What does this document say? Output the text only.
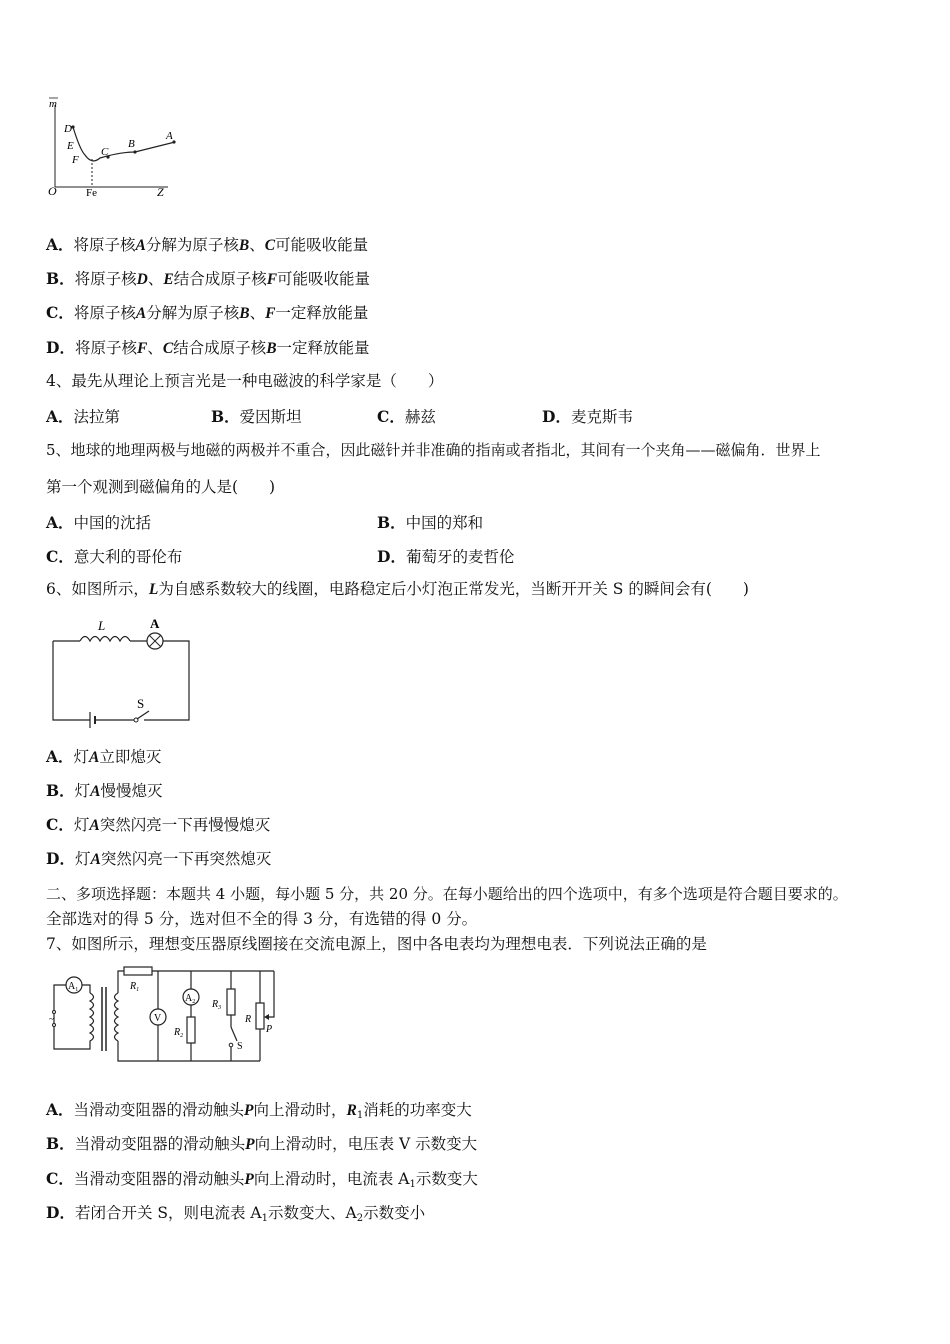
m
O	Z
Fe
D
E
F
C
B
A
A．将原子核A分解为原子核B、C可能吸收能量
B．将原子核D、E结合成原子核F可能吸收能量
C．将原子核A分解为原子核B、F一定释放能量
D．将原子核F、C结合成原子核B一定释放能量
4、最先从理论上预言光是一种电磁波的科学家是（　　）
A．法拉第	B．爱因斯坦	C．赫兹	D．麦克斯韦
5、地球的地理两极与地磁的两极并不重合，因此磁针并非准确的指南或者指北，其间有一个夹角——磁偏角．世界上
第一个观测到磁偏角的人是(　　)
A．中国的沈括	B．中国的郑和
C．意大利的哥伦布	D．葡萄牙的麦哲伦
6、如图所示，L为自感系数较大的线圈，电路稳定后小灯泡正常发光，当断开开关 S 的瞬间会有(　　)
L	A
S
A．灯A立即熄灭
B．灯A慢慢熄灭
C．灯A突然闪亮一下再慢慢熄灭
D．灯A突然闪亮一下再突然熄灭
二、多项选择题：本题共 4 小题，每小题 5 分，共 20 分。在每小题给出的四个选项中，有多个选项是符合题目要求的。
全部选对的得 5 分，选对但不全的得 3 分，有选错的得 0 分。
7、如图所示，理想变压器原线圈接在交流电源上，图中各电表均为理想电表．下列说法正确的是
$A_1$
~
$R_1$
V
$A_2$
$R_2$
$R_3$
S
R
P
A．当滑动变阻器的滑动触头P向上滑动时，$R_1$消耗的功率变大
B．当滑动变阻器的滑动触头P向上滑动时，电压表 V 示数变大
C．当滑动变阻器的滑动触头P向上滑动时，电流表 $A_1$示数变大
D．若闭合开关 S，则电流表 $A_1$示数变大、$A_2$示数变小
